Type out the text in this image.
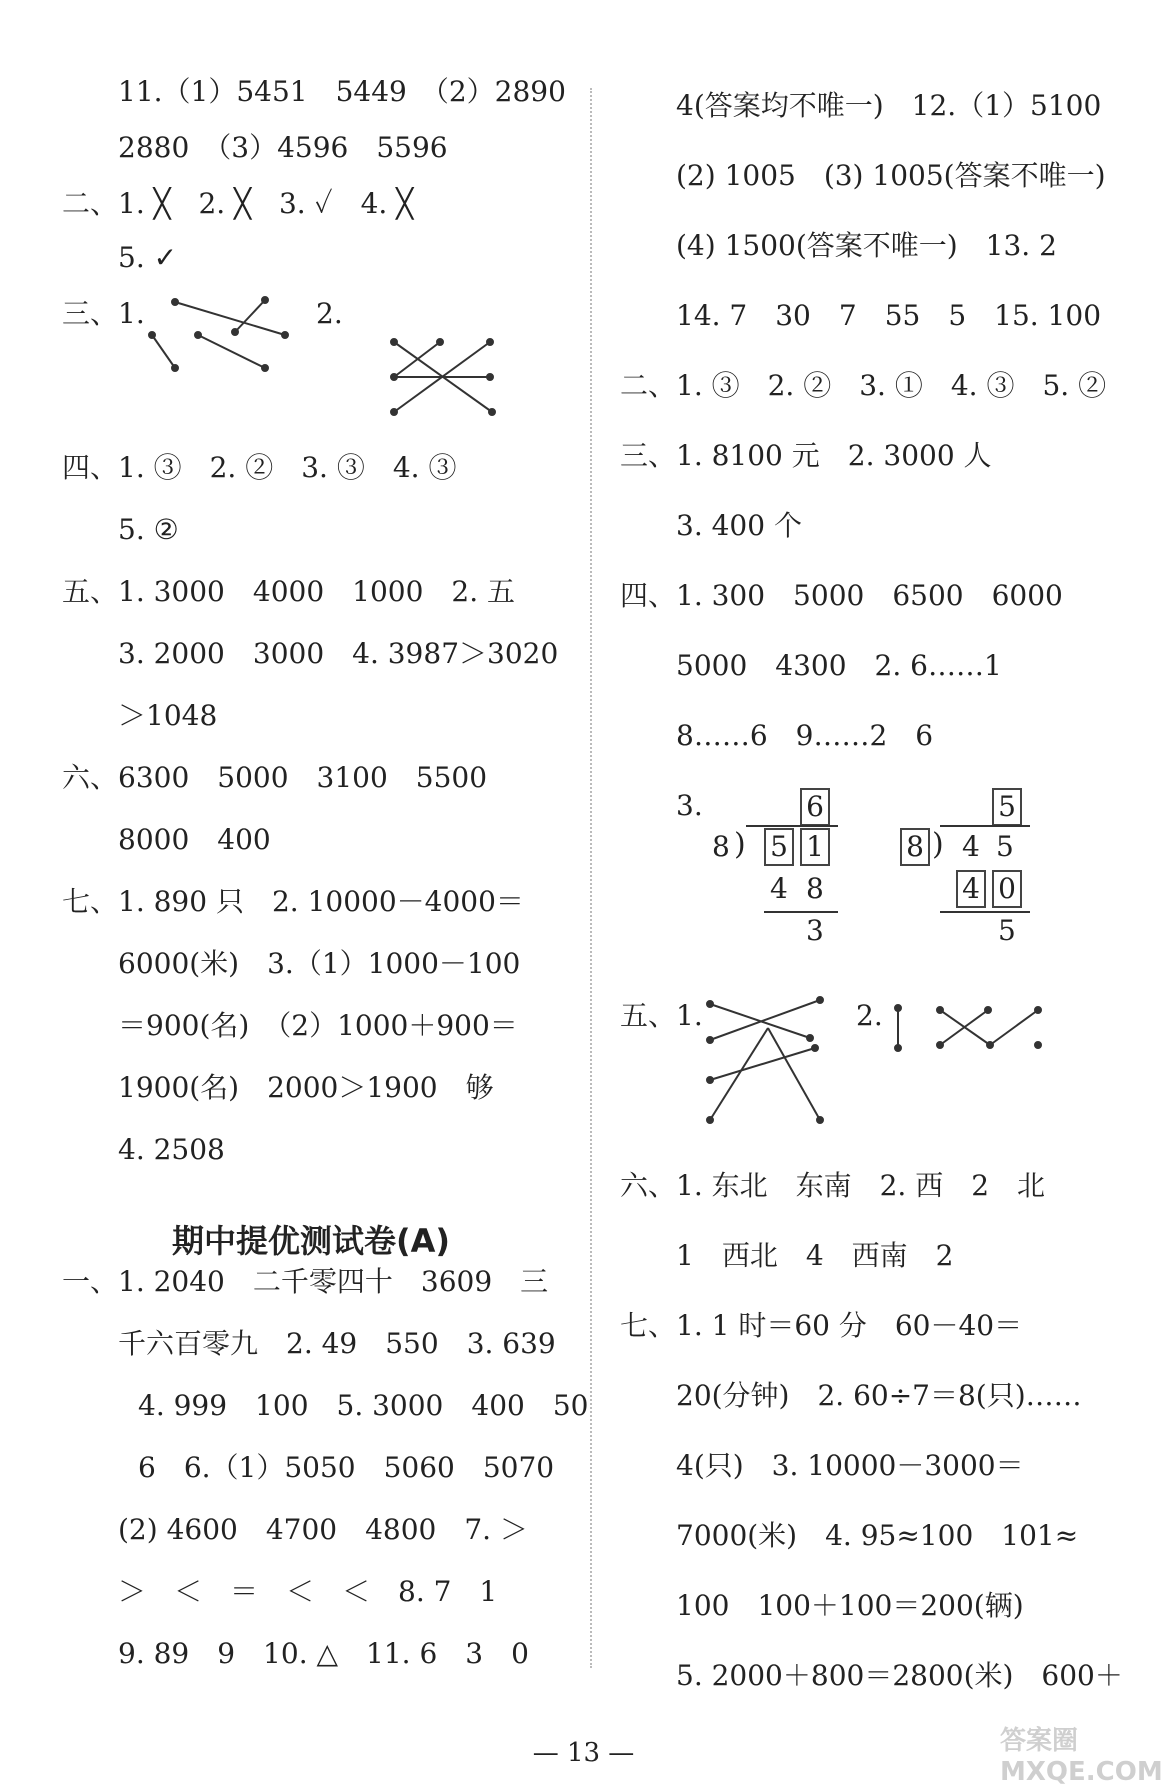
11.（1）5451　5449　（2）2890
2880　（3）4596　5596
二、1. ╳　2. ╳　3. ✓　4. ╳
5. ✓
三、1.	2.
四、1. ③　2. ②　3. ③　4. ③
5. ②
五、1. 3000　4000　1000　2. 五
3. 2000　3000　4. 3987＞3020
＞1048
六、6300　5000　3100　5500
8000　400
七、1. 890 只　2. 10000－4000＝
6000(米)　3.（1）1000－100
＝900(名)　（2）1000＋900＝
1900(名)　2000＞1900　够
4. 2508
期中提优测试卷(A)
一、1. 2040　二千零四十　3609　三
千六百零九　2. 49　550　3. 639
4. 999　100　5. 3000　400　50
6　6.（1）5050　5060　5070
(2) 4600　4700　4800　7. ＞
＞　＜　＝　＜　＜　8. 7　1
9. 89　9　10. △　11. 6　3　0
4(答案均不唯一)　12.（1）5100
(2) 1005　(3) 1005(答案不唯一)
(4) 1500(答案不唯一)　13. 2
14. 7　30　7　55　5　15. 100
二、1. ③　2. ②　3. ①　4. ③　5. ②
三、1. 8100 元　2. 3000 人
3. 400 个
四、1. 300　5000　6500　6000
5000　4300　2. 6……1
8……6　9……2　6
3.	6
8 ) 5 1
4 8
3
5
8 ) 4 5
4 0
5
五、1.	2.
六、1. 东北　东南　2. 西　2　北
1　西北　4　西南　2
七、1. 1 时＝60 分　60－40＝
20(分钟)　2. 60÷7＝8(只)……
4(只)　3. 10000－3000＝
7000(米)　4. 95≈100　101≈
100　100＋100＝200(辆)
5. 2000＋800＝2800(米)　600＋
— 13 —	答案圈 MXQE.COM
